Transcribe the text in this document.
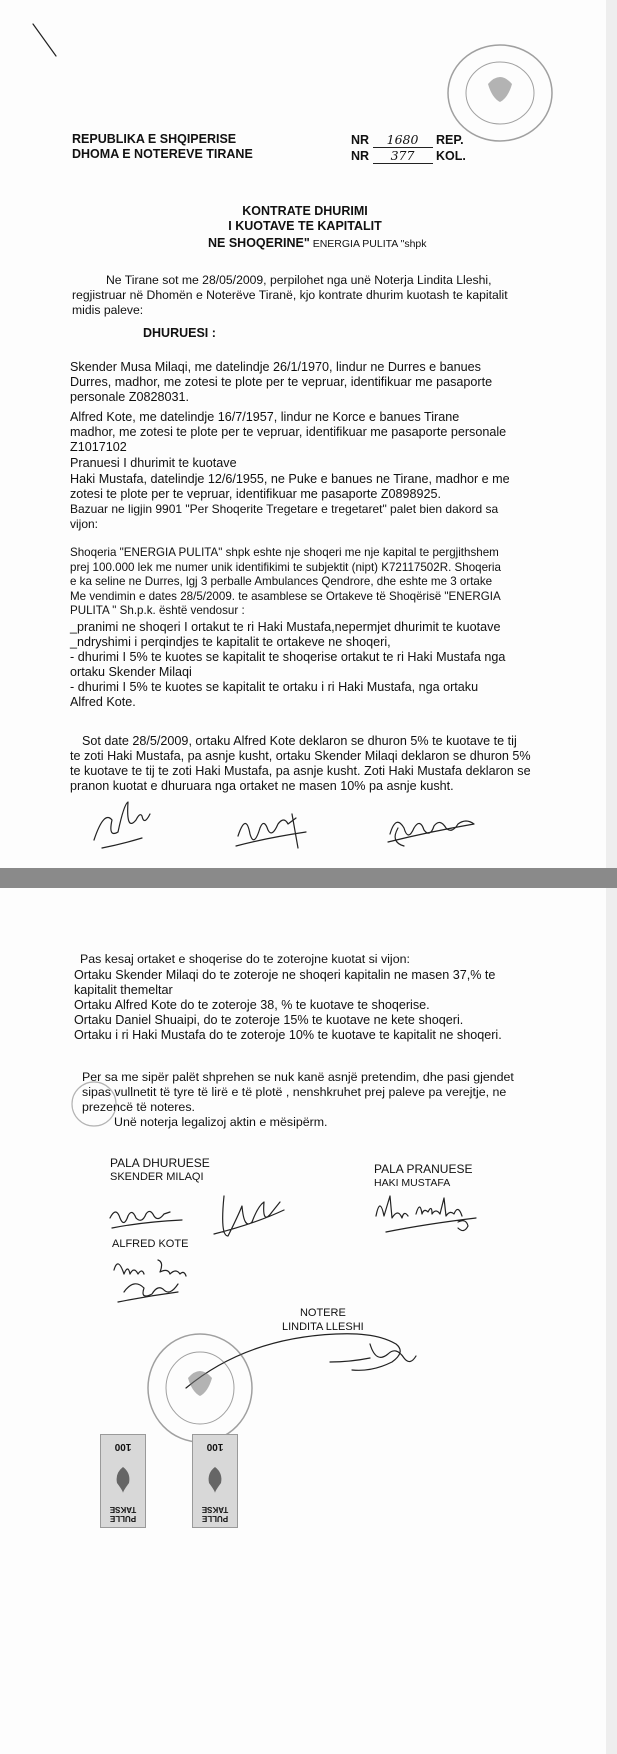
REPUBLIKA E SHQIPERISE
DHOMA E NOTEREVE TIRANE
NR 1680 REP.
NR 377 KOL.
KONTRATE DHURIMI
I KUOTAVE TE KAPITALIT
NE SHOQERINE" ENERGIA PULITA "shpk
Ne Tirane sot me 28/05/2009, perpilohet nga unë Noterja Lindita Lleshi,
regjistruar në Dhomën e Noterëve Tiranë, kjo kontrate dhurim kuotash te kapitalit
midis paleve:
DHURUESI :
Skender Musa Milaqi, me datelindje 26/1/1970, lindur ne Durres e banues
Durres, madhor, me zotesi te plote per te vepruar, identifikuar me pasaporte
personale Z0828031.
Alfred Kote, me datelindje 16/7/1957, lindur ne Korce e banues Tirane
madhor, me zotesi te plote per te vepruar, identifikuar me pasaporte personale
Z1017102
Pranuesi I dhurimit te kuotave
Haki Mustafa, datelindje 12/6/1955, ne Puke e banues ne Tirane, madhor e me
zotesi te plote per te vepruar, identifikuar me pasaporte Z0898925.
Bazuar ne ligjin 9901 "Per Shoqerite Tregetare e tregetaret" palet bien dakord sa
vijon:
Shoqeria "ENERGIA PULITA" shpk eshte nje shoqeri me nje kapital te pergjithshem
prej 100.000 lek me numer unik identifikimi te subjektit (nipt) K72117502R. Shoqeria
e ka seline ne Durres, lgj 3 perballe Ambulances Qendrore, dhe eshte me 3 ortake
Me vendimin e dates 28/5/2009. te asamblese se Ortakeve të Shoqërisë "ENERGIA
PULITA " Sh.p.k. është vendosur :
_pranimi ne shoqeri I ortakut te ri Haki Mustafa,nepermjet dhurimit te kuotave
_ndryshimi i perqindjes te kapitalit te ortakeve ne shoqeri,
- dhurimi I 5% te kuotes se kapitalit te shoqerise ortakut te ri Haki Mustafa nga
ortaku Skender Milaqi
- dhurimi I 5% te kuotes se kapitalit te ortaku i ri Haki Mustafa, nga ortaku
Alfred Kote.
Sot date 28/5/2009, ortaku Alfred Kote deklaron se dhuron 5% te kuotave te tij
te zoti Haki Mustafa, pa asnje kusht, ortaku Skender Milaqi deklaron se dhuron 5%
te kuotave te tij te zoti Haki Mustafa, pa asnje kusht. Zoti Haki Mustafa deklaron se
pranon kuotat e dhuruara nga ortaket ne masen 10% pa asnje kusht.
Pas kesaj ortaket e shoqerise do te zoterojne kuotat si vijon:
Ortaku Skender Milaqi do te zoteroje ne shoqeri kapitalin ne masen 37,% te
kapitalit themeltar
Ortaku Alfred Kote do te zoteroje 38, % te kuotave te shoqerise.
Ortaku Daniel Shuaipi, do te zoteroje 15% te kuotave ne kete shoqeri.
Ortaku i ri Haki Mustafa do te zoteroje 10% te kuotave te kapitalit ne shoqeri.
Per sa me sipër palët shprehen se nuk kanë asnjë pretendim, dhe pasi gjendet
sipas vullnetit të tyre të lirë e të plotë , nenshkruhet prej paleve pa verejtje, ne
prezencë të noteres.
Unë noterja legalizoj aktin e mësipërm.
PALA DHURUESE
SKENDER MILAQI
PALA PRANUESE
HAKI MUSTAFA
ALFRED KOTE
NOTERE
LINDITA LLESHI
100
PULLE TAKSE
100
PULLE TAKSE
